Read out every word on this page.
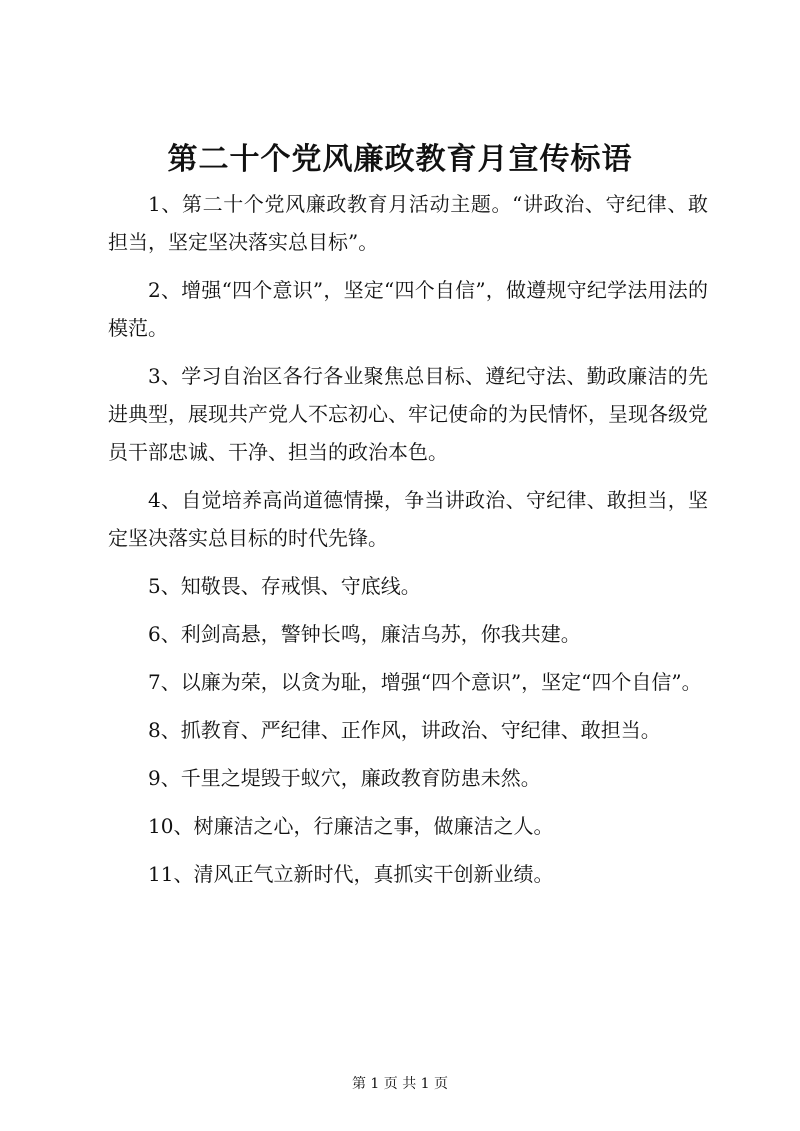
第二十个党风廉政教育月宣传标语

1、第二十个党风廉政教育月活动主题。“讲政治、守纪律、敢担当，坚定坚决落实总目标”。

2、增强“四个意识”，坚定“四个自信”，做遵规守纪学法用法的模范。

3、学习自治区各行各业聚焦总目标、遵纪守法、勤政廉洁的先进典型，展现共产党人不忘初心、牢记使命的为民情怀，呈现各级党员干部忠诚、干净、担当的政治本色。

4、自觉培养高尚道德情操，争当讲政治、守纪律、敢担当，坚定坚决落实总目标的时代先锋。

5、知敬畏、存戒惧、守底线。

6、利剑高悬，警钟长鸣，廉洁乌苏，你我共建。

7、以廉为荣，以贪为耻，增强“四个意识”，坚定“四个自信”。

8、抓教育、严纪律、正作风，讲政治、守纪律、敢担当。

9、千里之堤毁于蚁穴，廉政教育防患未然。

10、树廉洁之心，行廉洁之事，做廉洁之人。

11、清风正气立新时代，真抓实干创新业绩。

第 1 页 共 1 页
